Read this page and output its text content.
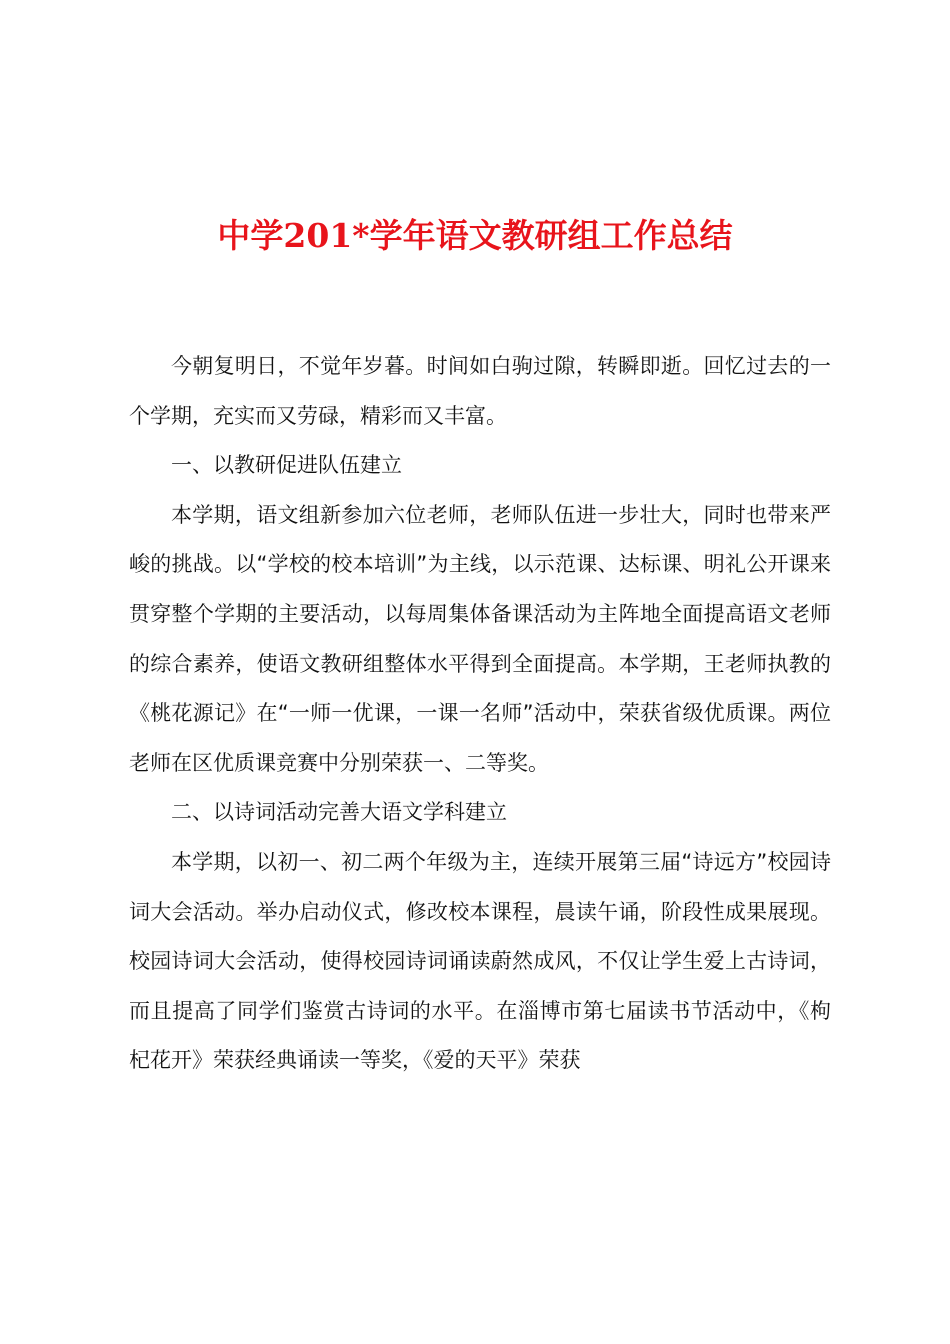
中学201*学年语文教研组工作总结

今朝复明日，不觉年岁暮。时间如白驹过隙，转瞬即逝。回忆过去的一个学期，充实而又劳碌，精彩而又丰富。

一、以教研促进队伍建立

本学期，语文组新参加六位老师，老师队伍进一步壮大，同时也带来严峻的挑战。以“学校的校本培训”为主线，以示范课、达标课、明礼公开课来贯穿整个学期的主要活动，以每周集体备课活动为主阵地全面提高语文老师的综合素养，使语文教研组整体水平得到全面提高。本学期，王老师执教的《桃花源记》在“一师一优课，一课一名师”活动中，荣获省级优质课。两位老师在区优质课竞赛中分别荣获一、二等奖。

二、以诗词活动完善大语文学科建立

本学期，以初一、初二两个年级为主，连续开展第三届“诗远方”校园诗词大会活动。举办启动仪式，修改校本课程，晨读午诵，阶段性成果展现。校园诗词大会活动，使得校园诗词诵读蔚然成风，不仅让学生爱上古诗词，而且提高了同学们鉴赏古诗词的水平。在淄博市第七届读书节活动中，《枸杞花开》荣获经典诵读一等奖，《爱的天平》荣获
